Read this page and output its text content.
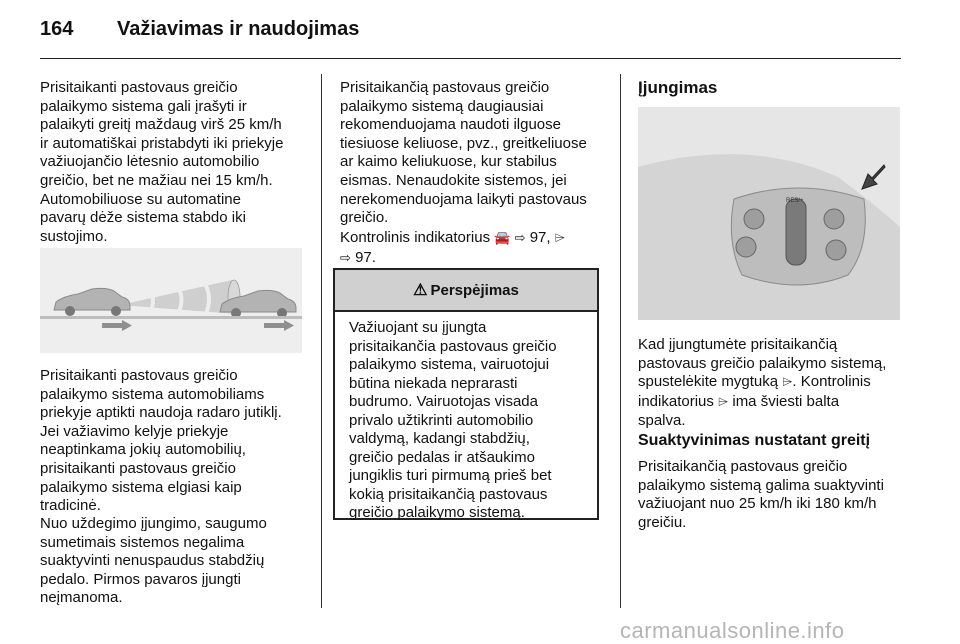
164 Važiavimas ir naudojimas

Prisitaikanti pastovaus greičio
palaikymo sistema gali įrašyti ir
palaikyti greitį maždaug virš 25 km/h
ir automatiškai pristabdyti iki priekyje
važiuojančio lėtesnio automobilio
greičio, bet ne mažiau nei 15 km/h.
Automobiliuose su automatine
pavarų dėže sistema stabdo iki
sustojimo.

Prisitaikanti pastovaus greičio
palaikymo sistema automobiliams
priekyje aptikti naudoja radaro jutiklį.
Jei važiavimo kelyje priekyje
neaptinkama jokių automobilių,
prisitaikanti pastovaus greičio
palaikymo sistema elgiasi kaip
tradicinė.

Nuo uždegimo įjungimo, saugumo
sumetimais sistemos negalima
suaktyvinti nenuspaudus stabdžių
pedalo. Pirmos pavaros įjungti
neįmanoma.

Prisitaikančią pastovaus greičio
palaikymo sistemą daugiausiai
rekomenduojama naudoti ilguose
tiesiuose keliuose, pvz., greitkeliuose
ar kaimo keliukuose, kur stabilus
eismas. Nenaudokite sistemos, jei
nerekomenduojama laikyti pastovaus
greičio.

Kontrolinis indikatorius 🚘 ⇨ 97, ⌲
⇨ 97.
⚠ Perspėjimas

Važiuojant su įjungta
prisitaikančia pastovaus greičio
palaikymo sistema, vairuotojui
būtina niekada neprarasti
budrumo. Vairuotojas visada
privalo užtikrinti automobilio
valdymą, kadangi stabdžių,
greičio pedalas ir atšaukimo
jungiklis turi pirmumą prieš bet
kokią prisitaikančią pastovaus
greičio palaikymo sistemą.

Įjungimas
RES/+
Kad įjungtumėte prisitaikančią
pastovaus greičio palaikymo sistemą,
spustelėkite mygtuką ⌲. Kontrolinis
indikatorius ⌲ ima šviesti balta
spalva.
Suaktyvinimas nustatant greitį

Prisitaikančią pastovaus greičio
palaikymo sistemą galima suaktyvinti
važiuojant nuo 25 km/h iki 180 km/h
greičiu.

carmanualsonline.info
